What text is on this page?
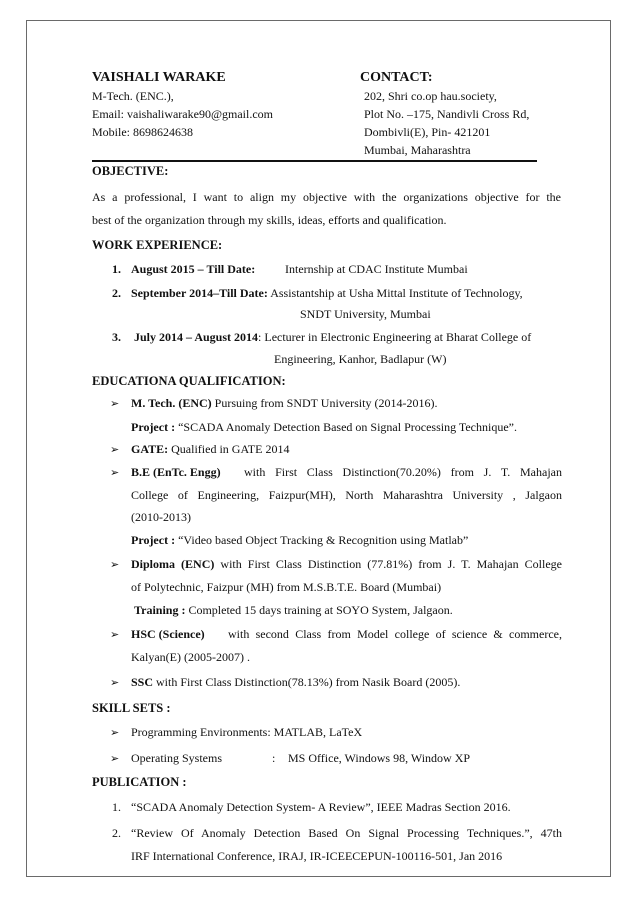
VAISHALI WARAKE
M-Tech. (ENC.),
Email: vaishaliwarake90@gmail.com
Mobile: 8698624638
CONTACT:
202, Shri co.op hau.society,
Plot No. –175, Nandivli Cross Rd,
Dombivli(E), Pin- 421201
Mumbai, Maharashtra
OBJECTIVE:
As a professional, I want to align my objective with the organizations objective for the
best of the organization through my skills, ideas, efforts and qualification.
WORK EXPERIENCE:
1. August 2015 – Till Date: Internship at CDAC Institute Mumbai
2. September 2014–Till Date: Assistantship at Usha Mittal Institute of Technology,
SNDT University, Mumbai
3. July 2014 – August 2014: Lecturer in Electronic Engineering at Bharat College of
Engineering, Kanhor, Badlapur (W)
EDUCATIONA QUALIFICATION:
➢ M. Tech. (ENC) Pursuing from SNDT University (2014-2016).
Project : “SCADA Anomaly Detection Based on Signal Processing Technique”.
➢ GATE: Qualified in GATE 2014
➢ B.E (EnTc. Engg) with First Class Distinction(70.20%) from J. T. Mahajan
College of Engineering, Faizpur(MH), North Maharashtra University , Jalgaon
(2010-2013)
Project : “Video based Object Tracking & Recognition using Matlab”
➢ Diploma (ENC) with First Class Distinction (77.81%) from J. T. Mahajan College
of Polytechnic, Faizpur (MH) from M.S.B.T.E. Board (Mumbai)
Training : Completed 15 days training at SOYO System, Jalgaon.
➢ HSC (Science) with second Class from Model college of science & commerce,
Kalyan(E) (2005-2007) .
➢ SSC with First Class Distinction(78.13%) from Nasik Board (2005).
SKILL SETS :
➢ Programming Environments: MATLAB, LaTeX
➢ Operating Systems	: MS Office, Windows 98, Window XP
PUBLICATION :
1. “SCADA Anomaly Detection System- A Review”, IEEE Madras Section 2016.
2. “Review Of Anomaly Detection Based On Signal Processing Techniques.”, 47th
IRF International Conference, IRAJ, IR-ICEECEPUN-100116-501, Jan 2016
